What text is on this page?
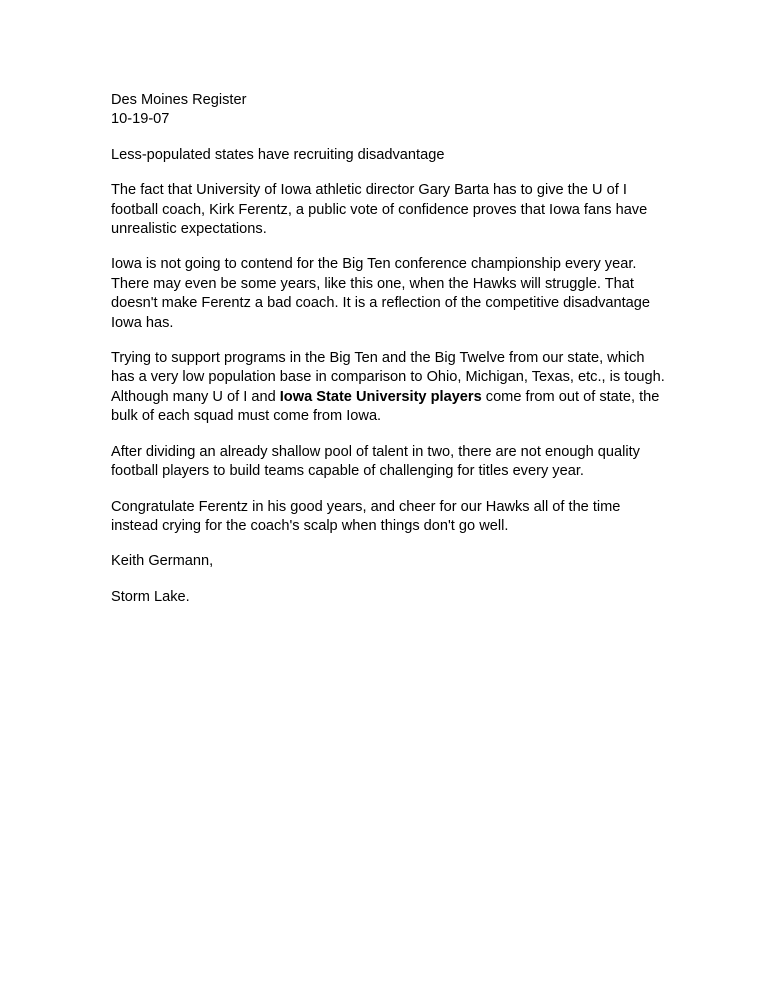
Des Moines Register

10-19-07

Less-populated states have recruiting disadvantage

The fact that University of Iowa athletic director Gary Barta has to give the U of I football coach, Kirk Ferentz, a public vote of confidence proves that Iowa fans have unrealistic expectations.

Iowa is not going to contend for the Big Ten conference championship every year. There may even be some years, like this one, when the Hawks will struggle. That doesn't make Ferentz a bad coach. It is a reflection of the competitive disadvantage Iowa has.

Trying to support programs in the Big Ten and the Big Twelve from our state, which has a very low population base in comparison to Ohio, Michigan, Texas, etc., is tough. Although many U of I and Iowa State University players come from out of state, the bulk of each squad must come from Iowa.

After dividing an already shallow pool of talent in two, there are not enough quality football players to build teams capable of challenging for titles every year.

Congratulate Ferentz in his good years, and cheer for our Hawks all of the time instead crying for the coach's scalp when things don't go well.

Keith Germann,

Storm Lake.
